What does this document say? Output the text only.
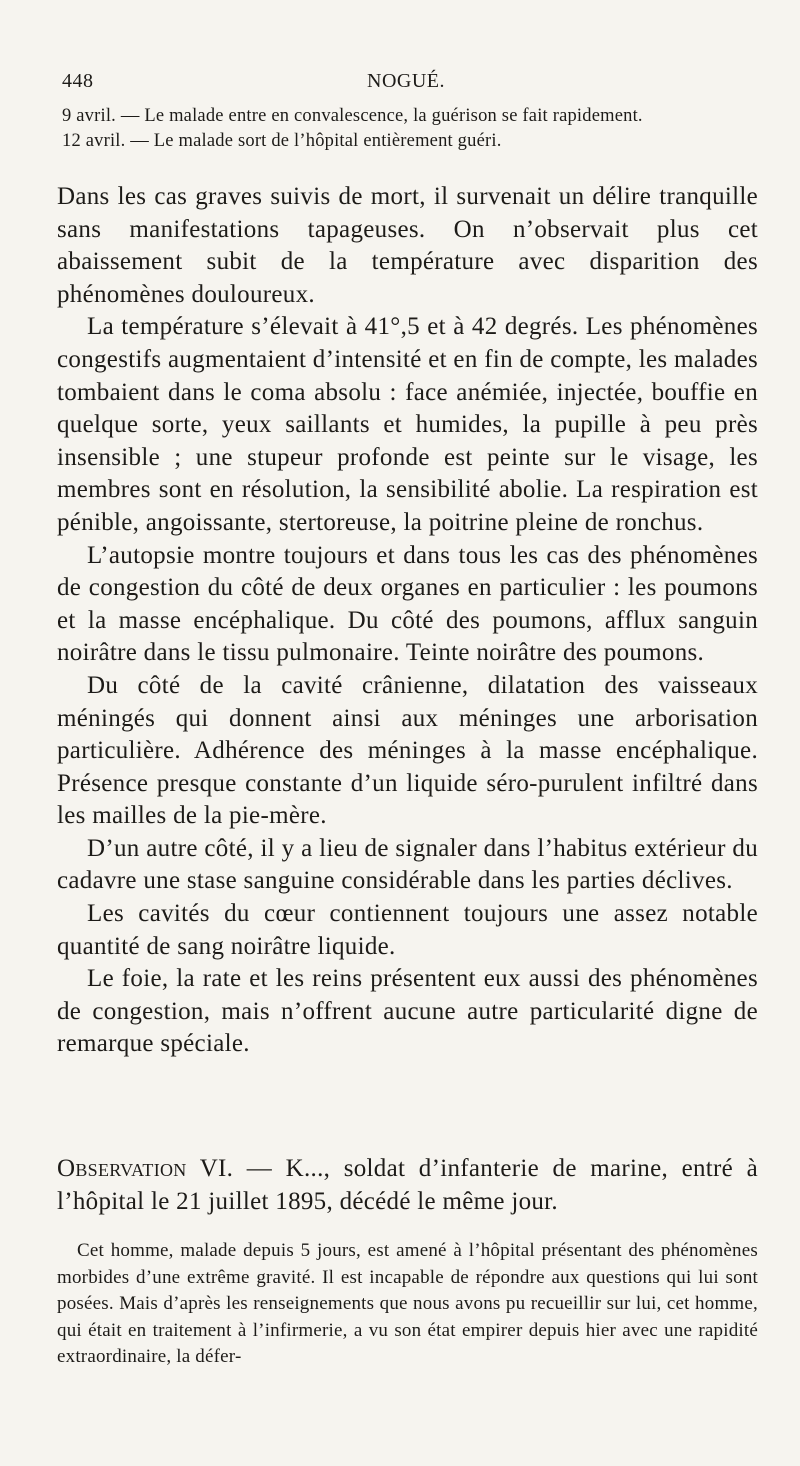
448	NOGUÉ.

9 avril. — Le malade entre en convalescence, la guérison se fait rapidement.

12 avril. — Le malade sort de l’hôpital entièrement guéri.

Dans les cas graves suivis de mort, il survenait un délire tranquille sans manifestations tapageuses. On n’observait plus cet abaissement subit de la température avec disparition des phénomènes douloureux.

La température s’élevait à 41°,5 et à 42 degrés. Les phénomènes congestifs augmentaient d’intensité et en fin de compte, les malades tombaient dans le coma absolu : face anémiée, injectée, bouffie en quelque sorte, yeux saillants et humides, la pupille à peu près insensible ; une stupeur profonde est peinte sur le visage, les membres sont en résolution, la sensibilité abolie. La respiration est pénible, angoissante, stertoreuse, la poitrine pleine de ronchus.

L’autopsie montre toujours et dans tous les cas des phénomènes de congestion du côté de deux organes en particulier : les poumons et la masse encéphalique. Du côté des poumons, afflux sanguin noirâtre dans le tissu pulmonaire. Teinte noirâtre des poumons.

Du côté de la cavité crânienne, dilatation des vaisseaux méningés qui donnent ainsi aux méninges une arborisation particulière. Adhérence des méninges à la masse encéphalique. Présence presque constante d’un liquide séro-purulent infiltré dans les mailles de la pie-mère.

D’un autre côté, il y a lieu de signaler dans l’habitus extérieur du cadavre une stase sanguine considérable dans les parties déclives.

Les cavités du cœur contiennent toujours une assez notable quantité de sang noirâtre liquide.

Le foie, la rate et les reins présentent eux aussi des phénomènes de congestion, mais n’offrent aucune autre particularité digne de remarque spéciale.

Observation VI. — K..., soldat d’infanterie de marine, entré à l’hôpital le 21 juillet 1895, décédé le même jour.

Cet homme, malade depuis 5 jours, est amené à l’hôpital présentant des phénomènes morbides d’une extrême gravité. Il est incapable de répondre aux questions qui lui sont posées. Mais d’après les renseignements que nous avons pu recueillir sur lui, cet homme, qui était en traitement à l’infirmerie, a vu son état empirer depuis hier avec une rapidité extraordinaire, la défer-
